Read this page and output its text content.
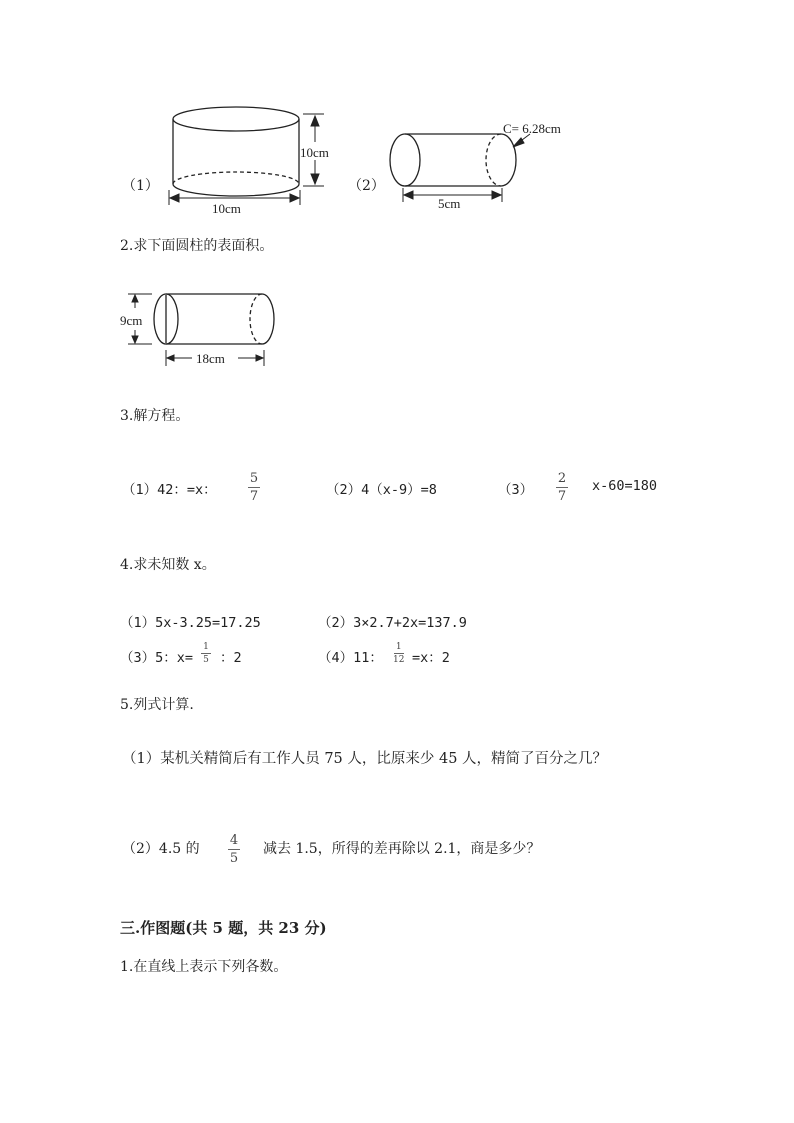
10cm
10cm
C= 6.28cm
5cm
（1）	（2）
2.求下面圆柱的表面积。
9cm
18cm
3.解方程。
（1）42：=x：
5
7	（2）4（x-9）=8	（3）
2
7
x-60=180
4.求未知数 x。
（1）5x-3.25=17.25	（2）3×2.7+2x=137.9
（3）5：x=
1
5 ：2	（4）11：
1
12 =x：2
5.列式计算.
（1）某机关精简后有工作人员 75 人，比原来少 45 人，精简了百分之几？
（2）4.5 的
4
5
减去 1.5，所得的差再除以 2.1，商是多少？
三.作图题(共 5 题，共 23 分)
1.在直线上表示下列各数。
